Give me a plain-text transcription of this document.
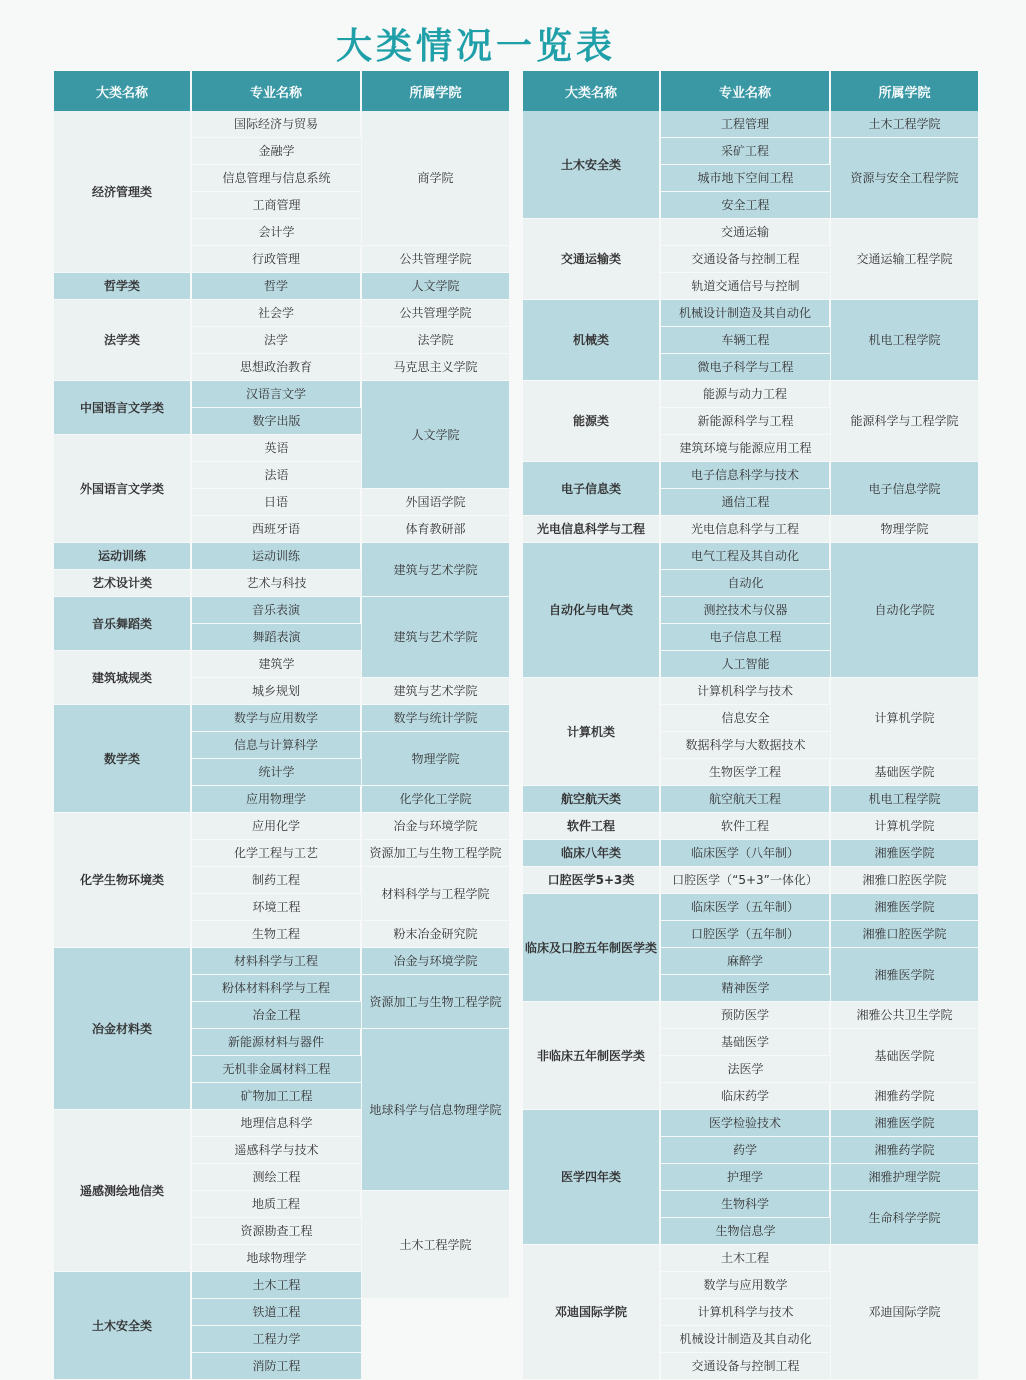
大类情况一览表
大类名称	专业名称	所属学院
经济管理类	国际经济与贸易	商学院
	金融学	
	信息管理与信息系统	
	工商管理	
	会计学	
	行政管理	公共管理学院
哲学类	哲学	人文学院
法学类	社会学	公共管理学院
	法学	法学院
	思想政治教育	马克思主义学院
中国语言文学类	汉语言文学	人文学院
	数字出版	
外国语言文学类	英语	
	法语	
	日语	外国语学院
	西班牙语	体育教研部
运动训练	运动训练	建筑与艺术学院
艺术设计类	艺术与科技	
音乐舞蹈类	音乐表演	建筑与艺术学院
	舞蹈表演	
建筑城规类	建筑学	
	城乡规划	建筑与艺术学院
数学类	数学与应用数学	数学与统计学院
	信息与计算科学	物理学院
	统计学	
	应用物理学	化学化工学院
化学生物环境类	应用化学	冶金与环境学院
	化学工程与工艺	资源加工与生物工程学院
	制药工程	材料科学与工程学院
	环境工程	
	生物工程	粉末冶金研究院
冶金材料类	材料科学与工程	冶金与环境学院
	粉体材料科学与工程	资源加工与生物工程学院
	冶金工程	
	新能源材料与器件	地球科学与信息物理学院
	无机非金属材料工程	
	矿物加工工程	
遥感测绘地信类	地理信息科学	
	遥感科学与技术	
	测绘工程	
	地质工程	土木工程学院
	资源勘查工程	
	地球物理学	
土木安全类	土木工程	
	铁道工程	
	工程力学	
	消防工程	
大类名称	专业名称	所属学院
土木安全类	工程管理	土木工程学院
	采矿工程	资源与安全工程学院
	城市地下空间工程	
	安全工程	
交通运输类	交通运输	交通运输工程学院
	交通设备与控制工程	
	轨道交通信号与控制	
机械类	机械设计制造及其自动化	机电工程学院
	车辆工程	
	微电子科学与工程	
能源类	能源与动力工程	能源科学与工程学院
	新能源科学与工程	
	建筑环境与能源应用工程	
电子信息类	电子信息科学与技术	电子信息学院
	通信工程	
光电信息科学与工程	光电信息科学与工程	物理学院
自动化与电气类	电气工程及其自动化	自动化学院
	自动化	
	测控技术与仪器	
	电子信息工程	
	人工智能	
计算机类	计算机科学与技术	计算机学院
	信息安全	
	数据科学与大数据技术	
	生物医学工程	基础医学院
航空航天类	航空航天工程	机电工程学院
软件工程	软件工程	计算机学院
临床八年类	临床医学（八年制）	湘雅医学院
口腔医学5+3类	口腔医学（“5+3”一体化）	湘雅口腔医学院
临床及口腔五年制医学类	临床医学（五年制）	湘雅医学院
	口腔医学（五年制）	湘雅口腔医学院
	麻醉学	湘雅医学院
	精神医学	
非临床五年制医学类	预防医学	湘雅公共卫生学院
	基础医学	基础医学院
	法医学	
	临床药学	湘雅药学院
医学四年类	医学检验技术	湘雅医学院
	药学	湘雅药学院
	护理学	湘雅护理学院
	生物科学	生命科学学院
	生物信息学	
邓迪国际学院	土木工程	邓迪国际学院
	数学与应用数学	
	计算机科学与技术	
	机械设计制造及其自动化	
	交通设备与控制工程	
